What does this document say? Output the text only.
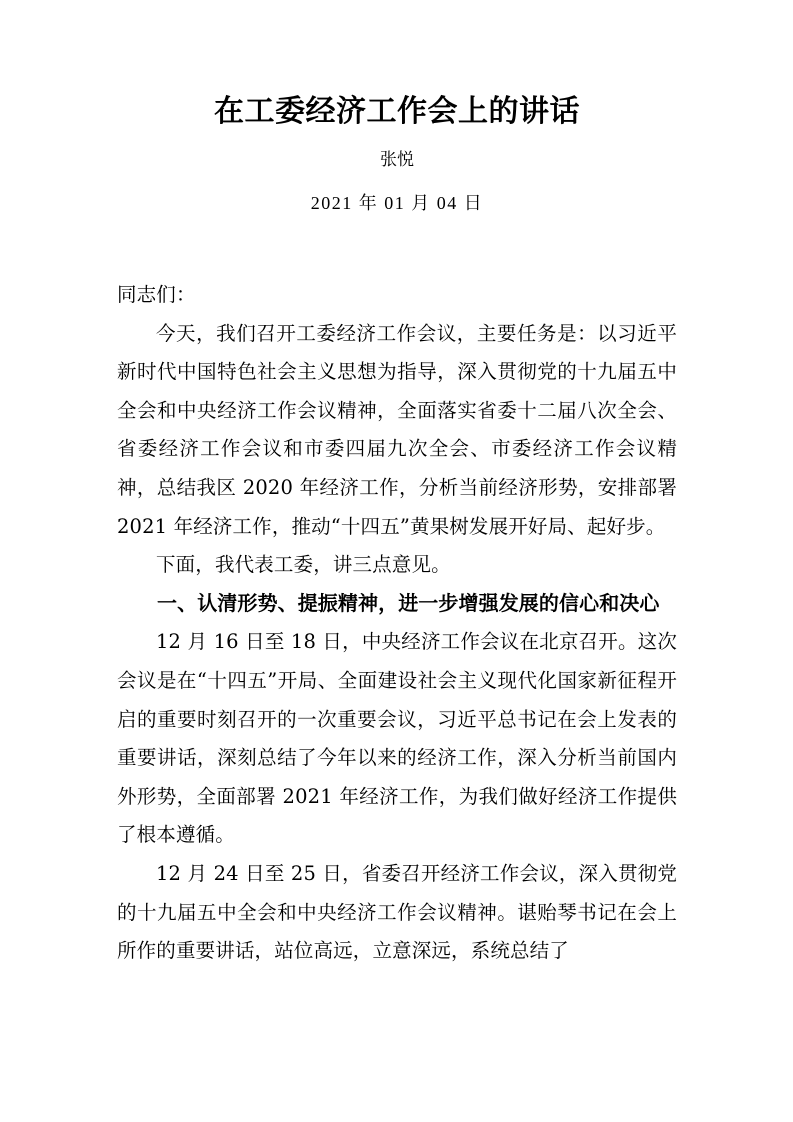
在工委经济工作会上的讲话
张悦
2021 年 01 月 04 日

同志们：

今天，我们召开工委经济工作会议，主要任务是：以习近平新时代中国特色社会主义思想为指导，深入贯彻党的十九届五中全会和中央经济工作会议精神，全面落实省委十二届八次全会、省委经济工作会议和市委四届九次全会、市委经济工作会议精神，总结我区 2020 年经济工作，分析当前经济形势，安排部署 2021 年经济工作，推动“十四五”黄果树发展开好局、起好步。

下面，我代表工委，讲三点意见。

一、认清形势、提振精神，进一步增强发展的信心和决心

12 月 16 日至 18 日，中央经济工作会议在北京召开。这次会议是在“十四五”开局、全面建设社会主义现代化国家新征程开启的重要时刻召开的一次重要会议，习近平总书记在会上发表的重要讲话，深刻总结了今年以来的经济工作，深入分析当前国内外形势，全面部署 2021 年经济工作，为我们做好经济工作提供了根本遵循。

12 月 24 日至 25 日，省委召开经济工作会议，深入贯彻党的十九届五中全会和中央经济工作会议精神。谌贻琴书记在会上所作的重要讲话，站位高远，立意深远，系统总结了
